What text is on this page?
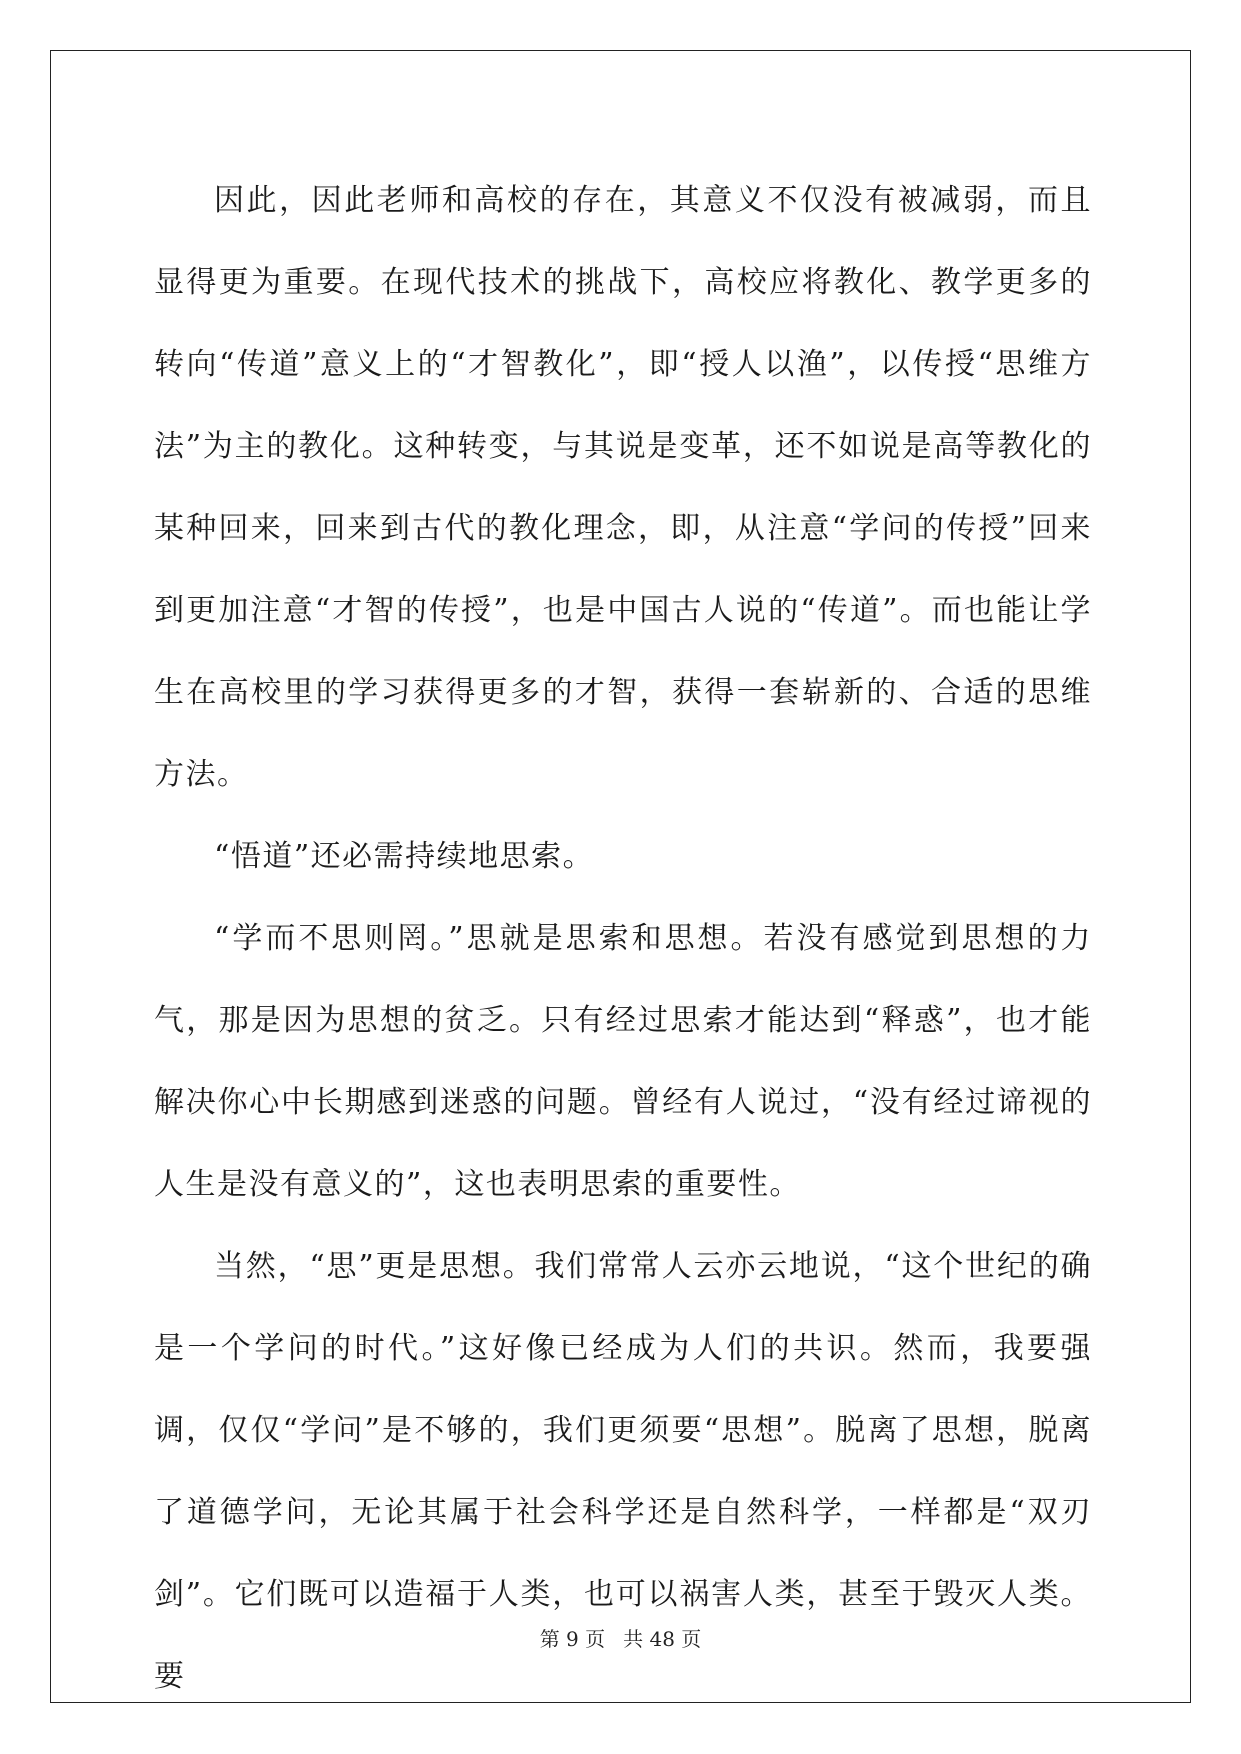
因此，因此老师和高校的存在，其意义不仅没有被减弱，而且显得更为重要。在现代技术的挑战下，高校应将教化、教学更多的转向“传道”意义上的“才智教化”，即“授人以渔”，以传授“思维方法”为主的教化。这种转变，与其说是变革，还不如说是高等教化的某种回来，回来到古代的教化理念，即，从注意“学问的传授”回来到更加注意“才智的传授”，也是中国古人说的“传道”。而也能让学生在高校里的学习获得更多的才智，获得一套崭新的、合适的思维方法。

“悟道”还必需持续地思索。

“学而不思则罔。”思就是思索和思想。若没有感觉到思想的力气，那是因为思想的贫乏。只有经过思索才能达到“释惑”，也才能解决你心中长期感到迷惑的问题。曾经有人说过，“没有经过谛视的人生是没有意义的”，这也表明思索的重要性。

当然，“思”更是思想。我们常常人云亦云地说，“这个世纪的确是一个学问的时代。”这好像已经成为人们的共识。然而，我要强调，仅仅“学问”是不够的，我们更须要“思想”。脱离了思想，脱离了道德学问，无论其属于社会科学还是自然科学，一样都是“双刃剑”。它们既可以造福于人类，也可以祸害人类，甚至于毁灭人类。要

第 9 页 共 48 页
